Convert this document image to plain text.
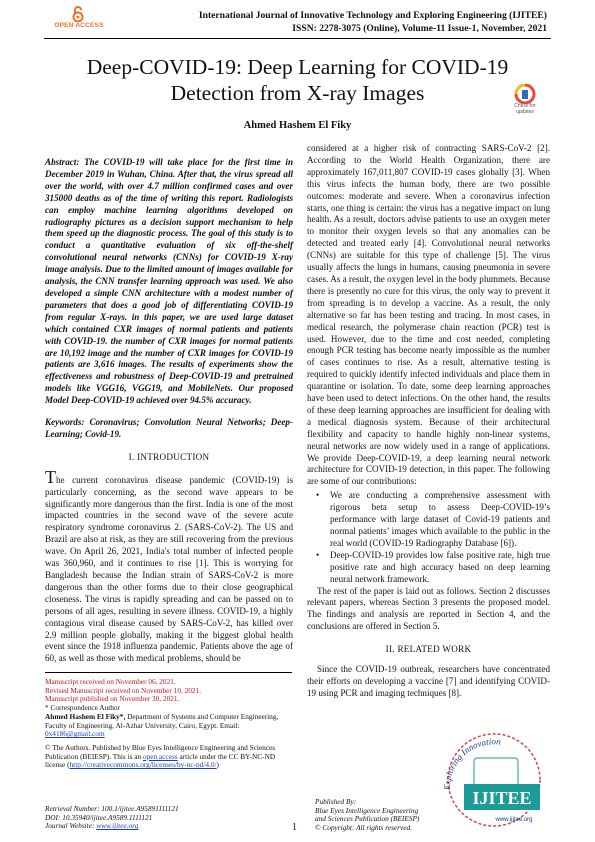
OPEN ACCESS
International Journal of Innovative Technology and Exploring Engineering (IJITEE)
ISSN: 2278-3075 (Online), Volume-11 Issue-1, November, 2021
Deep-COVID-19: Deep Learning for COVID-19
Detection from X-ray Images
Ahmed Hashem El Fiky
Check for
updates

Abstract: The COVID-19 will take place for the first time in December 2019 in Wuhan, China. After that, the virus spread all over the world, with over 4.7 million confirmed cases and over 315000 deaths as of the time of writing this report. Radiologists can employ machine learning algorithms developed on radiography pictures as a decision support mechanism to help them speed up the diagnostic process. The goal of this study is to conduct a quantitative evaluation of six off-the-shelf convolutional neural networks (CNNs) for COVID-19 X-ray image analysis. Due to the limited amount of images available for analysis, the CNN transfer learning approach was used. We also developed a simple CNN architecture with a modest number of parameters that does a good job of differentiating COVID-19 from regular X-rays. in this paper, we are used large dataset which contained CXR images of normal patients and patients with COVID-19. the number of CXR images for normal patients are 10,192 image and the number of CXR images for COVID-19 patients are 3,616 images. The results of experiments show the effectiveness and robustness of Deep-COVID-19 and pretrained models like VGG16, VGG19, and MobileNets. Our proposed Model Deep-COVID-19 achieved over 94.5% accuracy.

Keywords: Coronavirus; Convolution Neural Networks; Deep-Learning; Covid-19.

I. INTRODUCTION

The current coronavirus disease pandemic (COVID-19) is particularly concerning, as the second wave appears to be significantly more dangerous than the first. India is one of the most impacted countries in the second wave of the severe acute respiratory syndrome coronavirus 2. (SARS-CoV-2). The US and Brazil are also at risk, as they are still recovering from the previous wave. On April 26, 2021, India's total number of infected people was 360,960, and it continues to rise [1]. This is worrying for Bangladesh because the Indian strain of SARS-CoV-2 is more dangerous than the other forms due to their close geographical closeness. The virus is rapidly spreading and can be passed on to persons of all ages, resulting in severe illness. COVID-19, a highly contagious viral disease caused by SARS-CoV-2, has killed over 2.9 million people globally, making it the biggest global health event since the 1918 influenza pandemic. Patients above the age of 60, as well as those with medical problems, should be

considered at a higher risk of contracting SARS-CoV-2 [2]. According to the World Health Organization, there are approximately 167,011,807 COVID-19 cases globally [3]. When this virus infects the human body, there are two possible outcomes: moderate and severe. When a coronavirus infection starts, one thing is certain: the virus has a negative impact on lung health. As a result, doctors advise patients to use an oxygen meter to monitor their oxygen levels so that any anomalies can be detected and treated early [4]. Convolutional neural networks (CNNs) are suitable for this type of challenge [5]. The virus usually affects the lungs in humans, causing pneumonia in severe cases. As a result, the oxygen level in the body plummets. Because there is presently no cure for this virus, the only way to prevent it from spreading is to develop a vaccine. As a result, the only alternative so far has been testing and tracing. In most cases, in medical research, the polymerase chain reaction (PCR) test is used. However, due to the time and cost needed, completing enough PCR testing has become nearly impossible as the number of cases continues to rise. As a result, alternative testing is required to quickly identify infected individuals and place them in quarantine or isolation. To date, some deep learning approaches have been used to detect infections. On the other hand, the results of these deep learning approaches are insufficient for dealing with a medical diagnosis system. Because of their architectural flexibility and capacity to handle highly non-linear systems, neural networks are now widely used in a range of applications. We provide Deep-COVID-19, a deep learning neural network architecture for COVID-19 detection, in this paper. The following are some of our contributions:

• We are conducting a comprehensive assessment with rigorous beta setup to assess Deep-COVID-19’s performance with large dataset of Covid-19 patients and normal patients’ images which available to the public in the real world (COVID-19 Radiography Database [6]).
• Deep-COVID-19 provides low false positive rate, high true positive rate and high accuracy based on deep learning neural network framework.

The rest of the paper is laid out as follows. Section 2 discusses relevant papers, whereas Section 3 presents the proposed model. The findings and analysis are reported in Section 4, and the conclusions are offered in Section 5.

II. RELATED WORK

Since the COVID-19 outbreak, researchers have concentrated their efforts on developing a vaccine [7] and identifying COVID-19 using PCR and imaging techniques [8].

Manuscript received on November 06, 2021.
Revised Manuscript received on November 10, 2021.
Manuscript published on November 30, 2021.
* Correspondence Author
Ahmed Hashem El Fiky*, Department of Systems and Computer Engineering, Faculty of Engineering, Al-Azhar University, Cairo, Egypt. Email: 0x4186@gmail.com
© The Authors. Published by Blue Eyes Intelligence Engineering and Sciences Publication (BEIESP). This is an open access article under the CC BY-NC-ND license (http://creativecommons.org/licenses/by-nc-nd/4.0/)
Retrieval Number: 100.1/ijitee.A95891111121
DOI: 10.35940/ijitee.A9589.1111121
Journal Website: www.ijitee.org	1
Published By:
Blue Eyes Intelligence Engineering
and Sciences Publication (BEIESP)
© Copyright: All rights reserved.
Exploring Innovation
IJITEE
www.ijitee.org
